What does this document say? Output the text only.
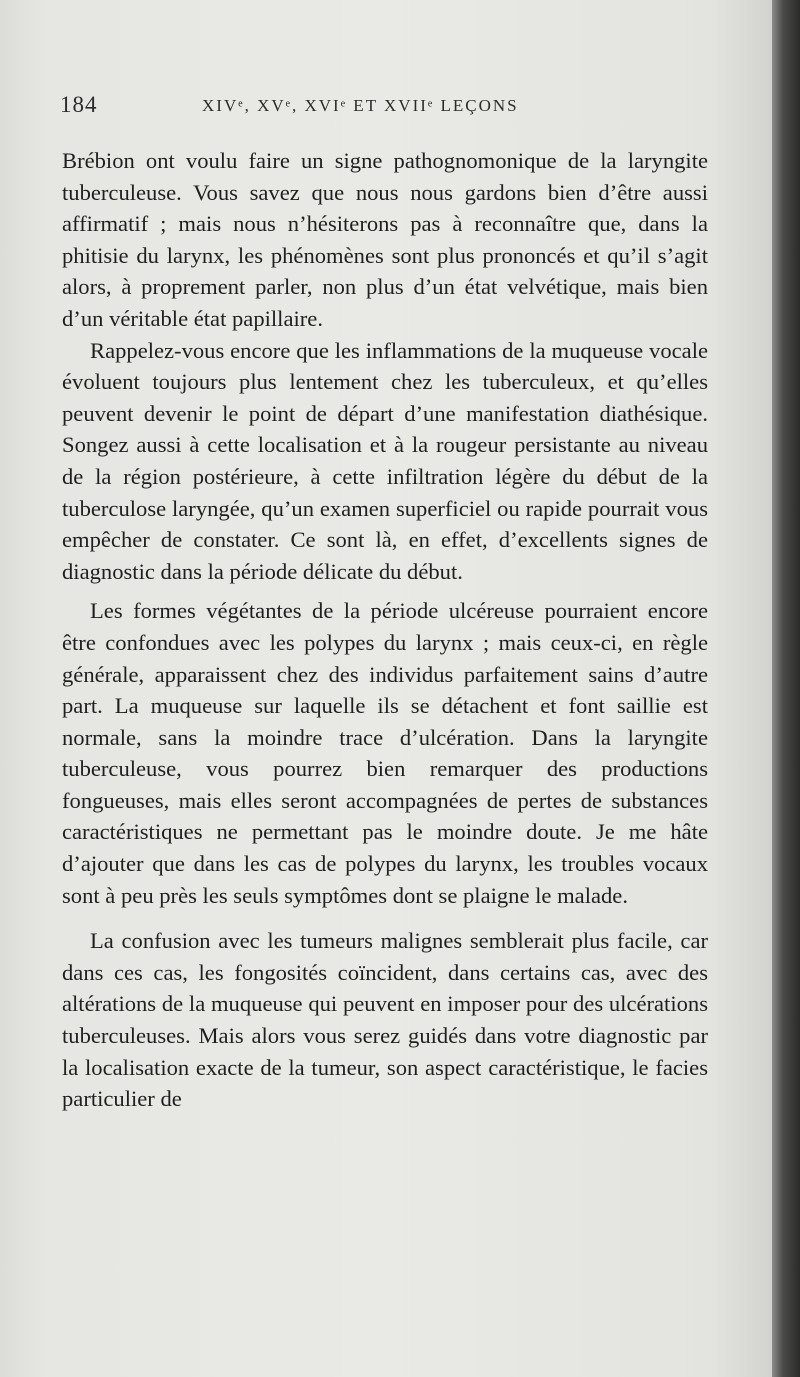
184	XIVᵉ, XVᵉ, XVIᵉ ET XVIIᵉ LEÇONS

Brébion ont voulu faire un signe pathognomonique de la laryngite tuberculeuse. Vous savez que nous nous gardons bien d’être aussi affirmatif ; mais nous n’hésiterons pas à reconnaître que, dans la phitisie du larynx, les phénomènes sont plus prononcés et qu’il s’agit alors, à proprement parler, non plus d’un état velvétique, mais bien d’un véritable état papillaire.

Rappelez-vous encore que les inflammations de la muqueuse vocale évoluent toujours plus lentement chez les tuberculeux, et qu’elles peuvent devenir le point de départ d’une manifestation diathésique. Songez aussi à cette localisation et à la rougeur persistante au niveau de la région postérieure, à cette infiltration légère du début de la tuberculose laryngée, qu’un examen superficiel ou rapide pourrait vous empêcher de constater. Ce sont là, en effet, d’excellents signes de diagnostic dans la période délicate du début.

Les formes végétantes de la période ulcéreuse pourraient encore être confondues avec les polypes du larynx ; mais ceux-ci, en règle générale, apparaissent chez des individus parfaitement sains d’autre part. La muqueuse sur laquelle ils se détachent et font saillie est normale, sans la moindre trace d’ulcération. Dans la laryngite tuberculeuse, vous pourrez bien remarquer des productions fongueuses, mais elles seront accompagnées de pertes de substances caractéristiques ne permettant pas le moindre doute. Je me hâte d’ajouter que dans les cas de polypes du larynx, les troubles vocaux sont à peu près les seuls symptômes dont se plaigne le malade.

La confusion avec les tumeurs malignes semblerait plus facile, car dans ces cas, les fongosités coïncident, dans certains cas, avec des altérations de la muqueuse qui peuvent en imposer pour des ulcérations tuberculeuses. Mais alors vous serez guidés dans votre diagnostic par la localisation exacte de la tumeur, son aspect caractéristique, le facies particulier de
